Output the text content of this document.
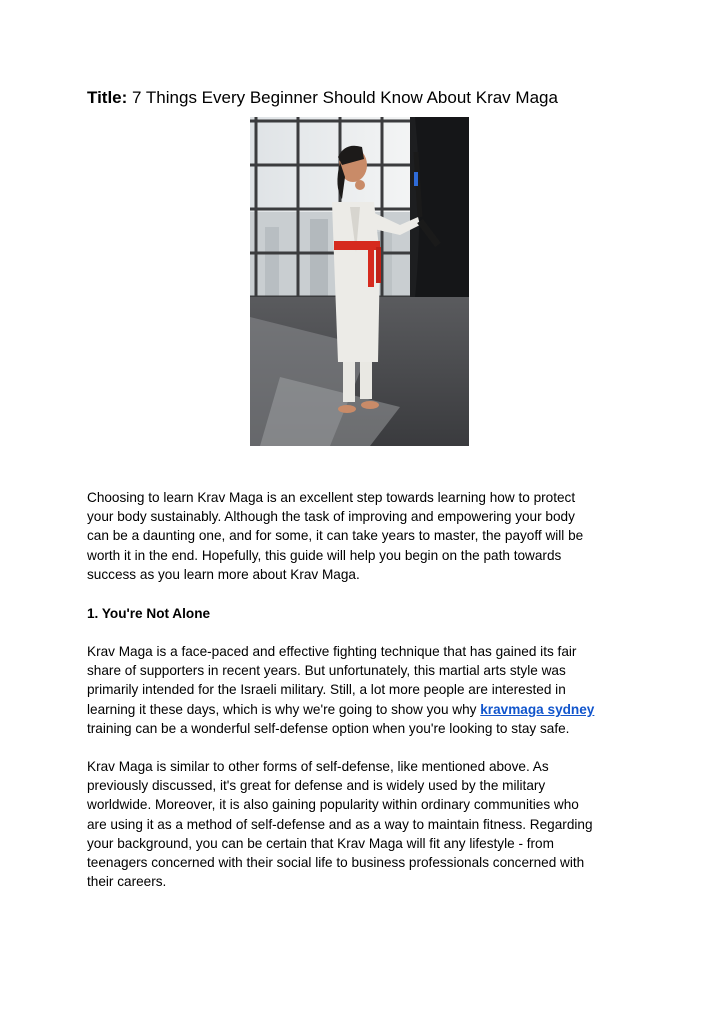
Title: 7 Things Every Beginner Should Know About Krav Maga
Choosing to learn Krav Maga is an excellent step towards learning how to protect
your body sustainably. Although the task of improving and empowering your body
can be a daunting one, and for some, it can take years to master, the payoff will be
worth it in the end. Hopefully, this guide will help you begin on the path towards
success as you learn more about Krav Maga.
1. You're Not Alone
Krav Maga is a face-paced and effective fighting technique that has gained its fair
share of supporters in recent years. But unfortunately, this martial arts style was
primarily intended for the Israeli military. Still, a lot more people are interested in
learning it these days, which is why we're going to show you why kravmaga sydney
training can be a wonderful self-defense option when you're looking to stay safe.
Krav Maga is similar to other forms of self-defense, like mentioned above. As
previously discussed, it's great for defense and is widely used by the military
worldwide. Moreover, it is also gaining popularity within ordinary communities who
are using it as a method of self-defense and as a way to maintain fitness. Regarding
your background, you can be certain that Krav Maga will fit any lifestyle - from
teenagers concerned with their social life to business professionals concerned with
their careers.
